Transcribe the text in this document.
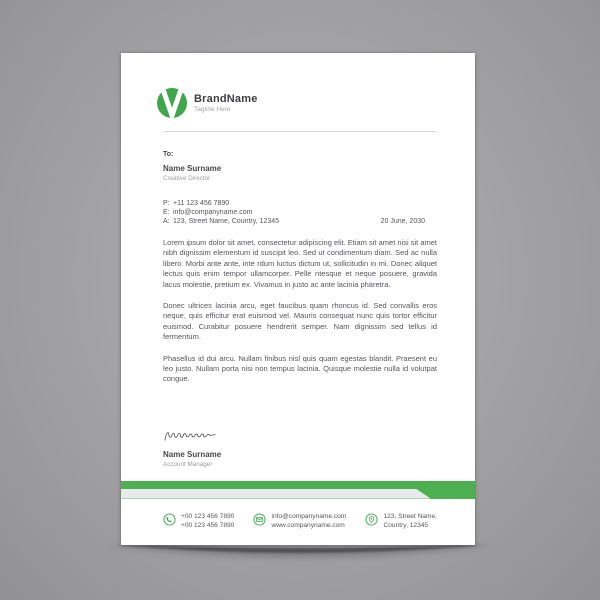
BrandName
Tagline Here
To:
Name Surname
Creative Director
P: +11 123 456 7890
E: info@companyname.com
A: 123, Street Name, Country, 12345	20 June, 2030

Lorem ipsum dolor sit amet, consectetur adipiscing elit. Etiam sit amet nisi sit amet nibh dignissim elementum id suscipit leo. Sed ut condimentum diam. Sed ac nulla libero. Morbi ante ante, inte rdum luctus dictum ut, sollicitudin in mi. Donec aliquet lectus quis enim tempor ullamcorper. Pelle ntesque et neque posuere, gravida lacus molestie, pretium ex. Vivamus in justo ac ante lacinia pharetra.

Donec ultrices lacinia arcu, eget faucibus quam rhoncus id. Sed convallis eros neque, quis efficitur erat euismod vel. Mauris consequat nunc quis tortor efficitur euismod. Curabitur posuere hendrerit semper. Nam dignissim sed tellus id fermentum.

Phasellus id dui arcu. Nullam finibus nisl quis quam egestas blandit. Praesent eu leo justo. Nullam porta nisi non tempus lacinia. Quisque molestie nulla id volutpat congue.

Name Surname
Account Manager
+00 123 456 7890
+00 123 456 7890
info@companyname.com
www.companyname.com
123, Street Name,
Country, 12345
